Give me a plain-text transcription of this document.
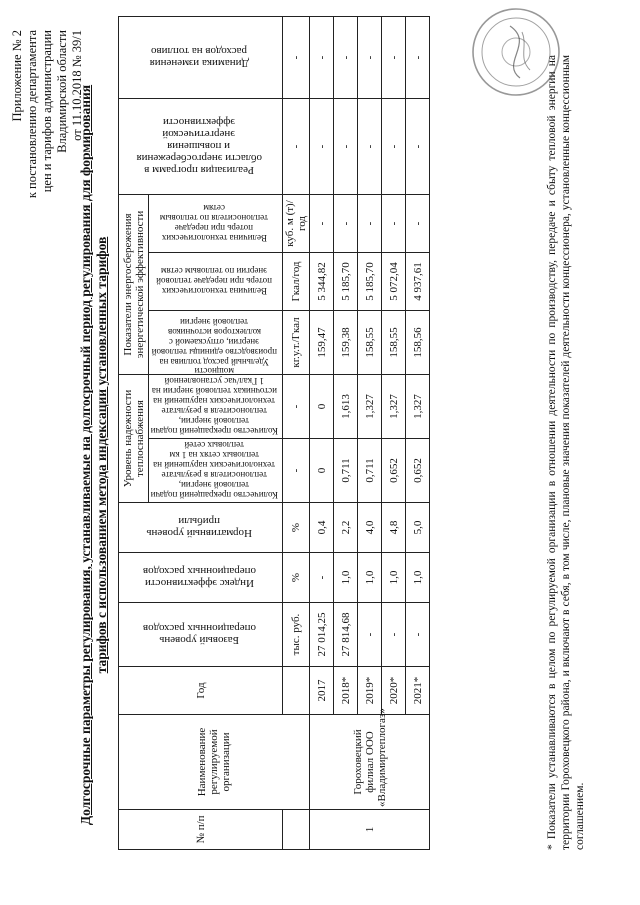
Приложение № 2 к постановлению департамента цен и тарифов администрации Владимирской области от 11.10.2018 № 39/1
Долгосрочные параметры регулирования, устанавливаемые на долгосрочный период регулирования для формирования тарифов с использованием метода индексации установленных тарифов
№ п/п	Наименование регулируемой организации	Год	Базовый уровень операционных расходов	Индекс эффективности операционных расходов	Нормативный уровень прибыли	Уровень надежности теплоснабжения		Показатели энергосбережения энергетической эффективности			Реализация программ в области энергосбережения и повышения энергетической эффективности	Динамика изменения расходов на топливо
						Количество прекращений подачи тепловой энергии, теплоносителя в результате технологических нарушений на тепловых сетях на 1 км тепловых сетей	Количество прекращений подачи тепловой энергии, теплоносителя в результате технологических нарушений на источниках тепловой энергии на 1 Гкал/час установленной мощности	Удельный расход топлива на производство единицы тепловой энергии, отпускаемой с коллекторов источников тепловой энергии	Величина технологических потерь при передаче тепловой энергии по тепловым сетям	Величина технологических потерь при передаче теплоносителя по тепловым сетям		
			тыс. руб.	%	%	-	-	кг.у.т./Гкал	Гкал/год	куб. м (т)/год	-	-
1	Гороховецкий филиал ООО «Владимиртеплогаз»	2017	27 014,25	-	0,4	0	0	159,47	5 344,82	-	-	-
		2018*	27 814,68	1,0	2,2	0,711	1,613	159,38	5 185,70	-	-	-
		2019*	-	1,0	4,0	0,711	1,327	158,55	5 185,70	-	-	-
		2020*	-	1,0	4,8	0,652	1,327	158,55	5 072,04	-	-	-
		2021*	-	1,0	5,0	0,652	1,327	158,56	4 937,61	-	-	-	* Показатели устанавливаются в целом по регулируемой организации в отношении деятельности по производству, передаче и сбыту тепловой энергии на территории Гороховецкого района, и включают в себя, в том числе, плановые значения показателей деятельности концессионера, установленные концессионным соглашением.
